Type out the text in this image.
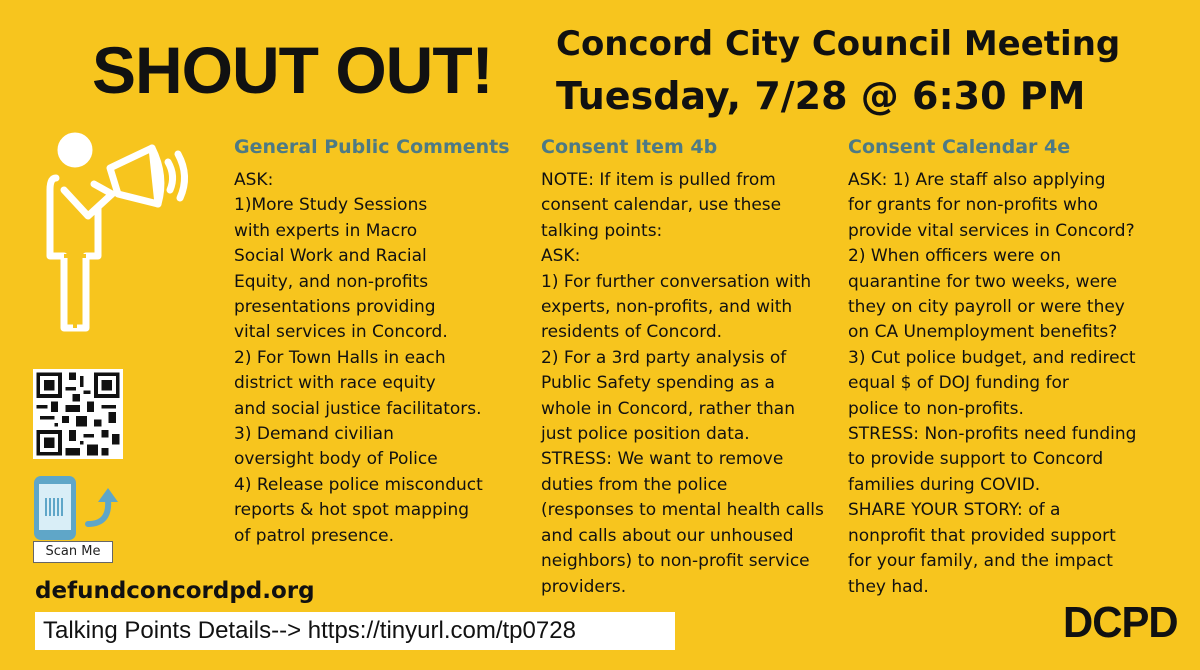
SHOUT OUT! Concord City Council Meeting
Tuesday, 7/28 @ 6:30 PM
Scan Me
General Public Comments
ASK:
1)More Study Sessions
with experts in Macro
Social Work and Racial
Equity, and non-profits
presentations providing
vital services in Concord.
2) For Town Halls in each
district with race equity
and social justice facilitators.
3) Demand civilian
oversight body of Police
4) Release police misconduct
reports & hot spot mapping
of patrol presence.
Consent Item 4b
NOTE: If item is pulled from
consent calendar, use these
talking points:
ASK:
1) For further conversation with
experts, non-profits, and with
residents of Concord.
2) For a 3rd party analysis of
Public Safety spending as a
whole in Concord, rather than
just police position data.
STRESS: We want to remove
duties from the police
(responses to mental health calls
and calls about our unhoused
neighbors) to non-profit service
providers.
Consent Calendar 4e
ASK: 1) Are staff also applying
for grants for non-profits who
provide vital services in Concord?
2) When officers were on
quarantine for two weeks, were
they on city payroll or were they
on CA Unemployment benefits?
3) Cut police budget, and redirect
equal $ of DOJ funding for
police to non-profits.
STRESS: Non-profits need funding
to provide support to Concord
families during COVID.
SHARE YOUR STORY: of a
nonprofit that provided support
for your family, and the impact
they had.
defundconcordpd.org
Talking Points Details--> https://tinyurl.com/tp0728	DCPD
